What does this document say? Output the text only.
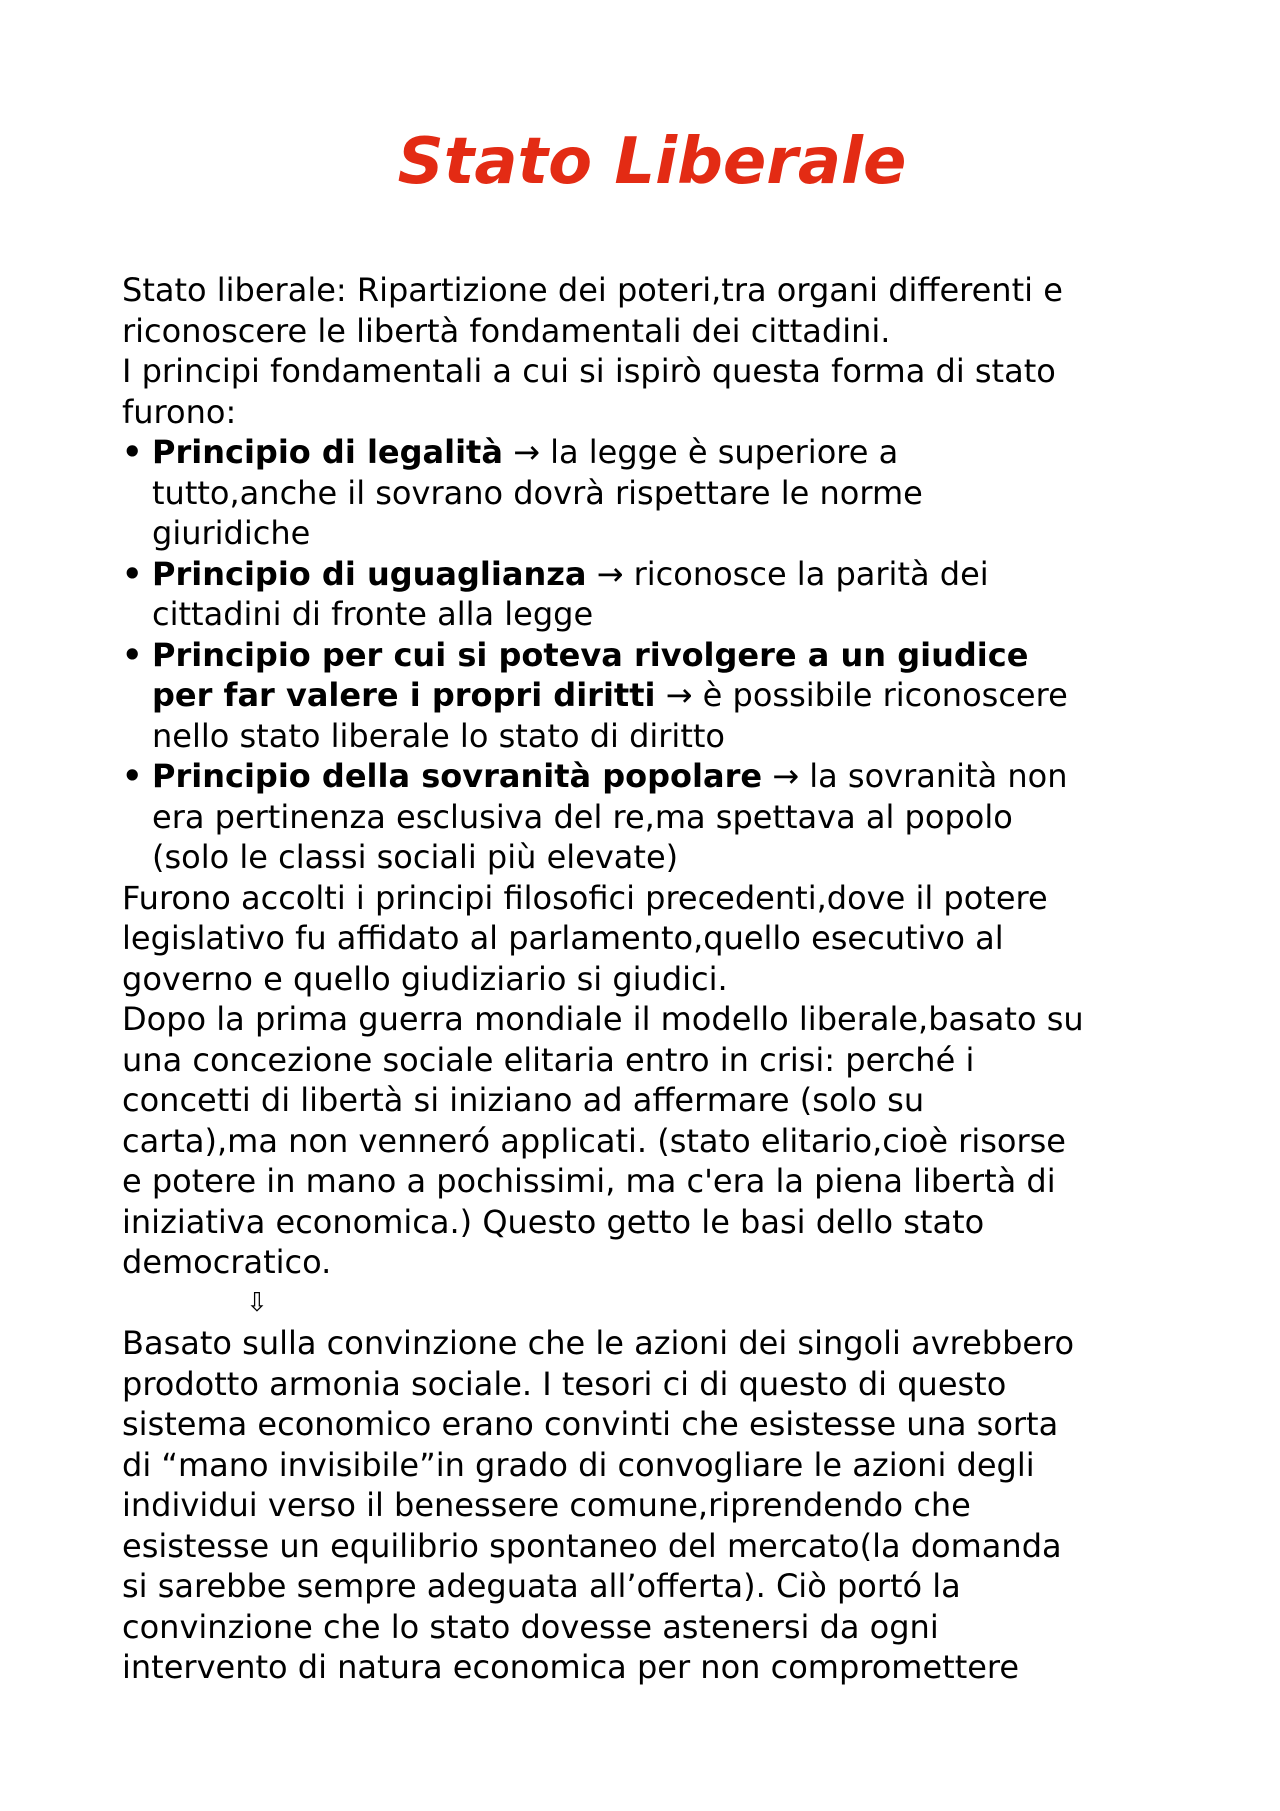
Stato Liberale

Stato liberale: Ripartizione dei poteri,tra organi differenti e

riconoscere le libertà fondamentali dei cittadini.

I principi fondamentali a cui si ispirò questa forma di stato

furono:

• Principio di legalità → la legge è superiore a
tutto,anche il sovrano dovrà rispettare le norme
giuridiche
• Principio di uguaglianza → riconosce la parità dei
cittadini di fronte alla legge
• Principio per cui si poteva rivolgere a un giudice
per far valere i propri diritti → è possibile riconoscere
nello stato liberale lo stato di diritto
• Principio della sovranità popolare → la sovranità non
era pertinenza esclusiva del re,ma spettava al popolo
(solo le classi sociali più elevate)

Furono accolti i principi filosofici precedenti,dove il potere

legislativo fu affidato al parlamento,quello esecutivo al

governo e quello giudiziario si giudici.

Dopo la prima guerra mondiale il modello liberale,basato su

una concezione sociale elitaria entro in crisi: perché i

concetti di libertà si iniziano ad affermare (solo su

carta),ma non vennerό applicati. (stato elitario,cioè risorse

e potere in mano a pochissimi, ma c'era la piena libertà di

iniziativa economica.) Questo getto le basi dello stato

democratico.

⇩

Basato sulla convinzione che le azioni dei singoli avrebbero

prodotto armonia sociale. I tesori ci di questo di questo

sistema economico erano convinti che esistesse una sorta

di “mano invisibile”in grado di convogliare le azioni degli

individui verso il benessere comune,riprendendo che

esistesse un equilibrio spontaneo del mercato(la domanda

si sarebbe sempre adeguata all’offerta). Ciò portó la

convinzione che lo stato dovesse astenersi da ogni

intervento di natura economica per non compromettere
